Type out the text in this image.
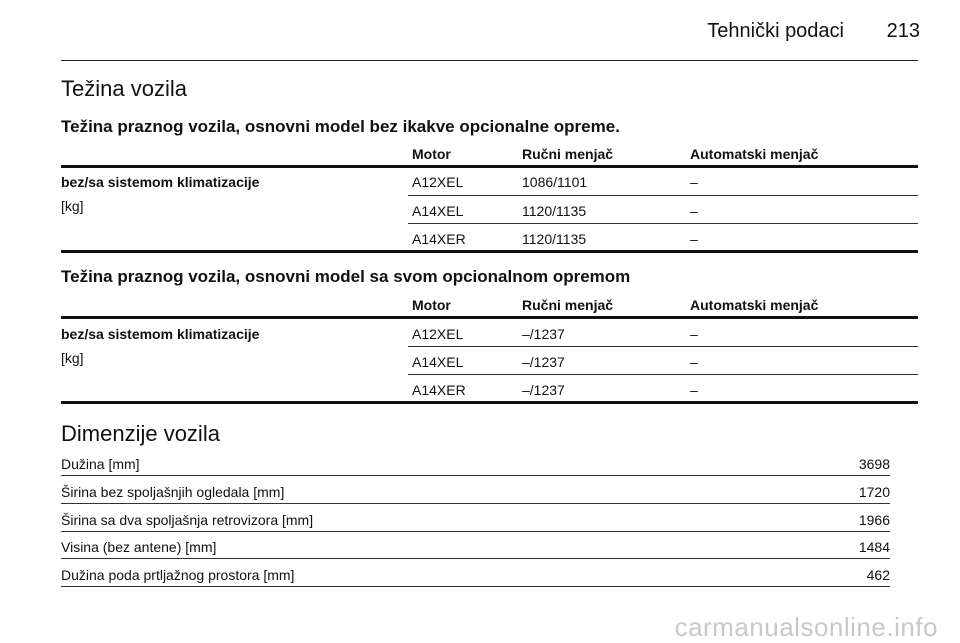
Tehnički podaci 213
Težina vozila
Težina praznog vozila, osnovni model bez ikakve opcionalne opreme.
Motor	Ručni menjač	Automatski menjač
bez/sa sistemom klimatizacije
[kg]
A12XEL	1086/1101	–
A14XEL	1120/1135	–
A14XER	1120/1135	–
Težina praznog vozila, osnovni model sa svom opcionalnom opremom
Motor	Ručni menjač	Automatski menjač
bez/sa sistemom klimatizacije
[kg]
A12XEL	–/1237	–
A14XEL	–/1237	–
A14XER	–/1237	–
Dimenzije vozila
Dužina [mm]	3698
Širina bez spoljašnjih ogledala [mm]	1720
Širina sa dva spoljašnja retrovizora [mm]	1966
Visina (bez antene) [mm]	1484
Dužina poda prtljažnog prostora [mm]	462
carmanualsonline.info
